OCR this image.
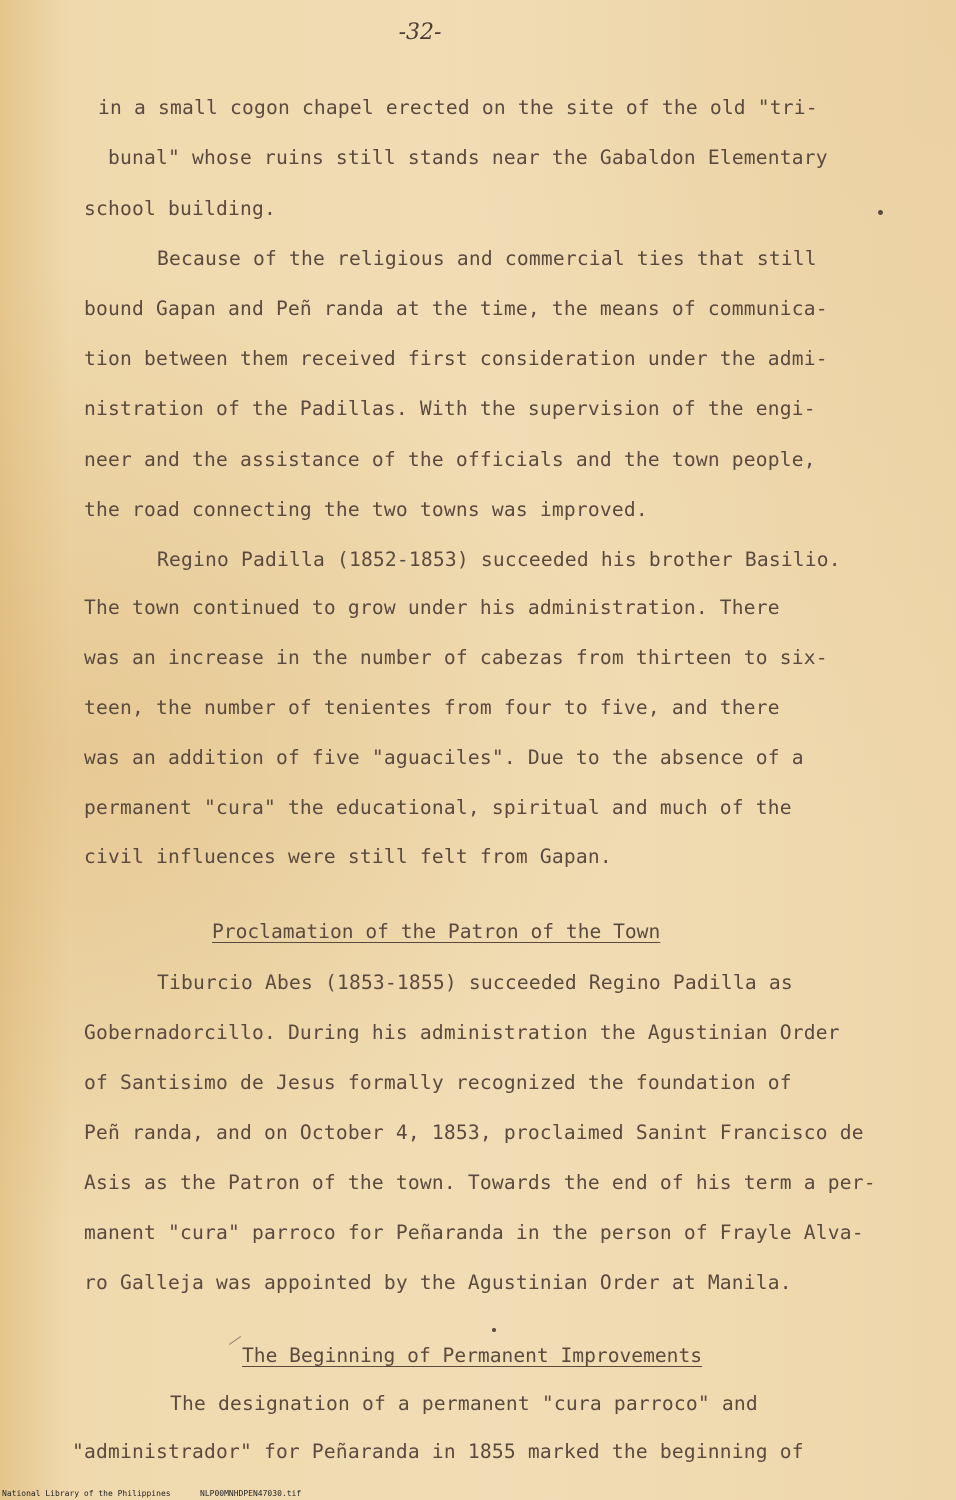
-32-
in a small cogon chapel erected on the site of the old "tri-
bunal" whose ruins still stands near the Gabaldon Elementary
school building.
Because of the religious and commercial ties that still
bound Gapan and Peñ randa at the time, the means of communica-
tion between them received first consideration under the admi-
nistration of the Padillas. With the supervision of the engi-
neer and the assistance of the officials and the town people,
the road connecting the two towns was improved.
Regino Padilla (1852-1853) succeeded his brother Basilio.
The town continued to grow under his administration. There
was an increase in the number of cabezas from thirteen to six-
teen, the number of tenientes from four to five, and there
was an addition of five "aguaciles". Due to the absence of a
permanent "cura" the educational, spiritual and much of the
civil influences were still felt from Gapan.
Proclamation of the Patron of the Town
Tiburcio Abes (1853-1855) succeeded Regino Padilla as
Gobernadorcillo. During his administration the Agustinian Order
of Santisimo de Jesus formally recognized the foundation of
Peñ randa, and on October 4, 1853, proclaimed Sanint Francisco de
Asis as the Patron of the town. Towards the end of his term a per-
manent "cura" parroco for Peñaranda in the person of Frayle Alva-
ro Galleja was appointed by the Agustinian Order at Manila.
The Beginning of Permanent Improvements
The designation of a permanent "cura parroco" and
"administrador" for Peñaranda in 1855 marked the beginning of
National Library of the Philippines	NLP00MNHDPEN47030.tif
